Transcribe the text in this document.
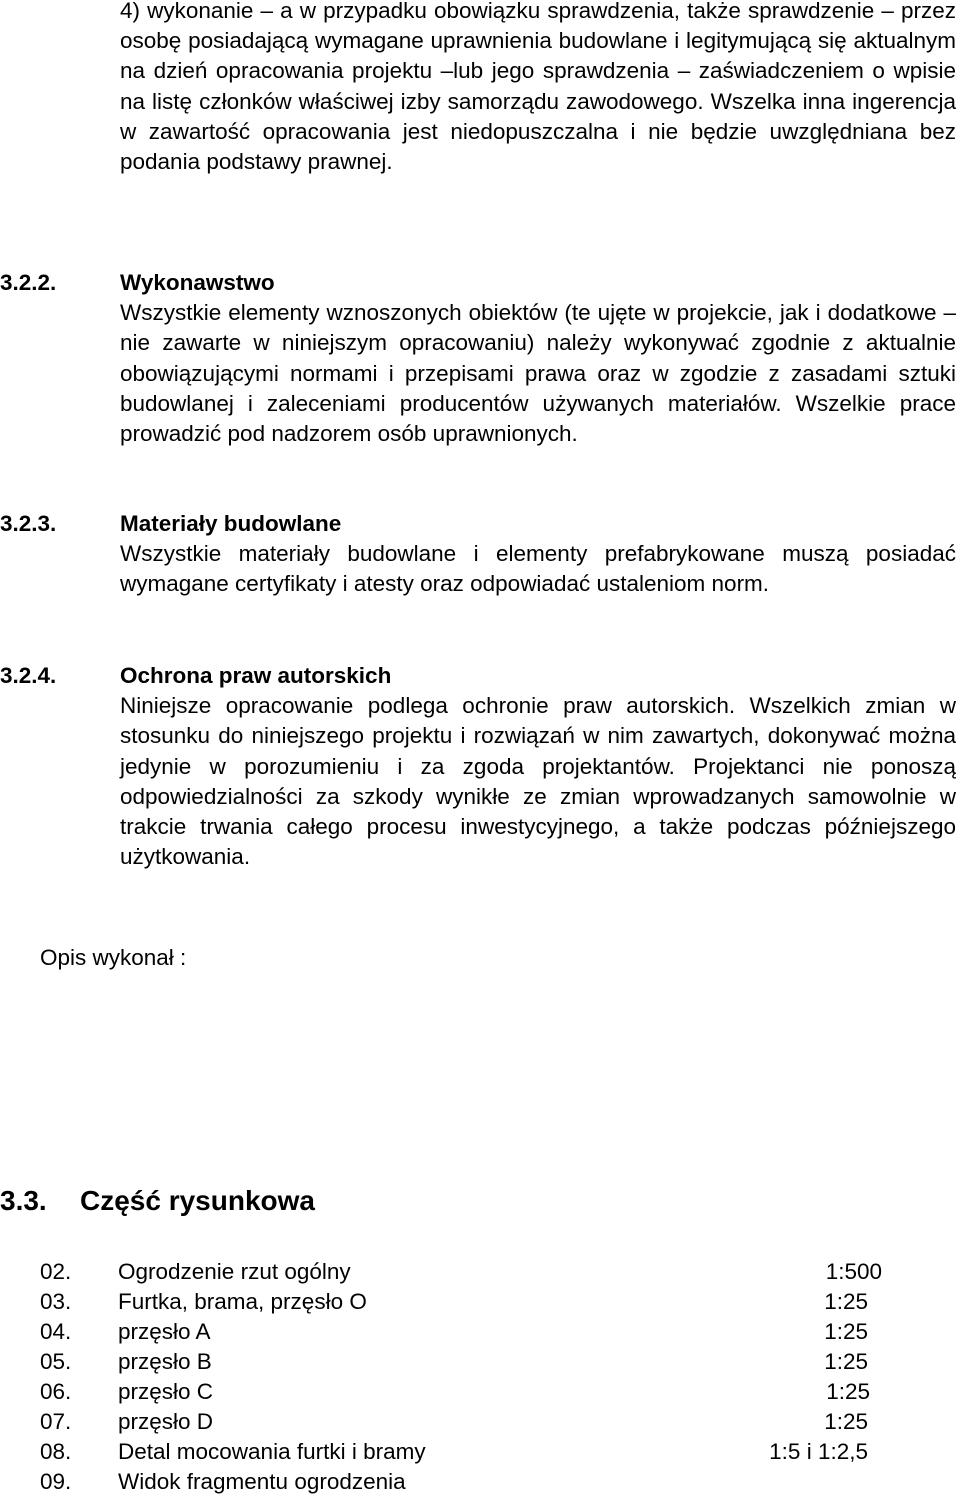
4) wykonanie – a w przypadku obowiązku sprawdzenia, także sprawdzenie – przez osobę posiadającą wymagane uprawnienia budowlane i legitymującą się aktualnym na dzień opracowania projektu –lub jego sprawdzenia – zaświadczeniem o wpisie na listę członków właściwej izby samorządu zawodowego. Wszelka inna ingerencja w zawartość opracowania jest niedopuszczalna i nie będzie uwzględniana bez podania podstawy prawnej.

3.2.2.	Wykonawstwo

Wszystkie elementy wznoszonych obiektów (te ujęte w projekcie, jak i dodatkowe – nie zawarte w niniejszym opracowaniu) należy wykonywać zgodnie z aktualnie obowiązującymi normami i przepisami prawa oraz w zgodzie z zasadami sztuki budowlanej i zaleceniami producentów używanych materiałów. Wszelkie prace prowadzić pod nadzorem osób uprawnionych.

3.2.3.	Materiały budowlane

Wszystkie materiały budowlane i elementy prefabrykowane muszą posiadać wymagane certyfikaty i atesty oraz odpowiadać ustaleniom norm.

3.2.4.	Ochrona praw autorskich

Niniejsze opracowanie podlega ochronie praw autorskich. Wszelkich zmian w stosunku do niniejszego projektu i rozwiązań w nim zawartych, dokonywać można jedynie w porozumieniu i za zgoda projektantów. Projektanci nie ponoszą odpowiedzialności za szkody wynikłe ze zmian wprowadzanych samowolnie w trakcie trwania całego procesu inwestycyjnego, a także podczas późniejszego użytkowania.

Opis wykonał :
3.3. Część rysunkowa
02. Ogrodzenie rzut ogólny	1:500
03. Furtka, brama, przęsło O	1:25
04. przęsło A	1:25
05. przęsło B	1:25
06. przęsło C	1:25
07. przęsło D	1:25
08. Detal mocowania furtki i bramy	1:5 i 1:2,5
09. Widok fragmentu ogrodzenia
